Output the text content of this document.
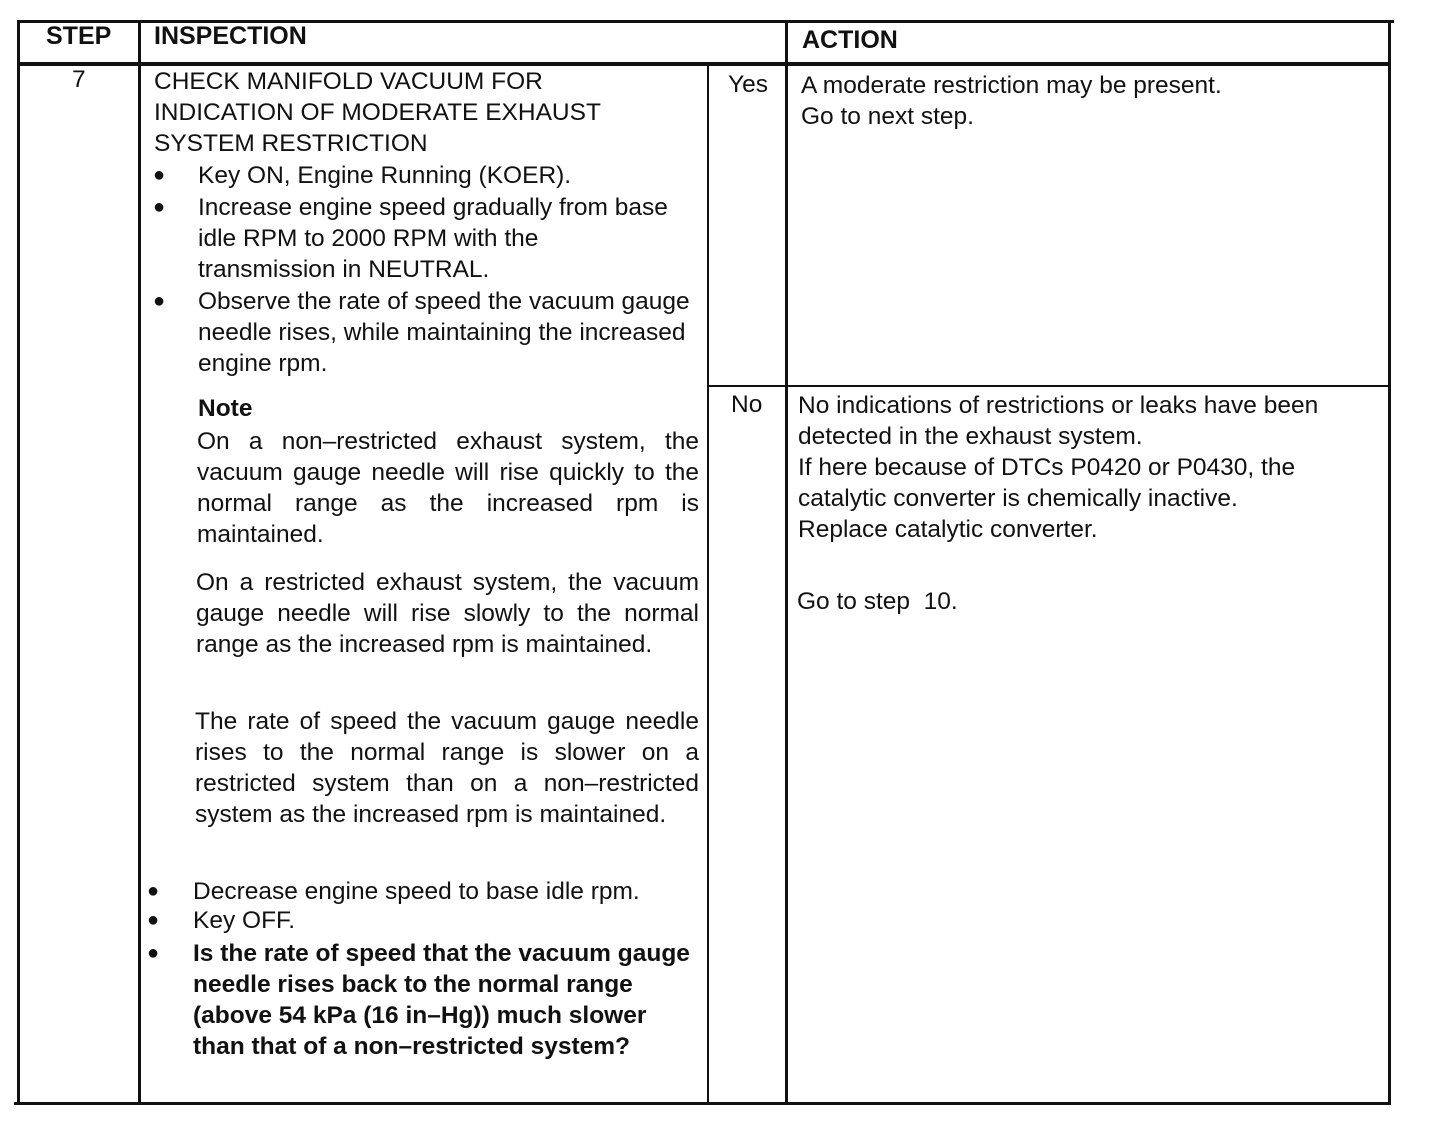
STEP INSPECTION	ACTION
7	CHECK MANIFOLD VACUUM FOR

INDICATION OF MODERATE EXHAUST

SYSTEM RESTRICTION

● Key ON, Engine Running (KOER).
● Increase engine speed gradually from base idle RPM to 2000 RPM with the transmission in NEUTRAL.
● Observe the rate of speed the vacuum gauge needle rises, while maintaining the increased engine rpm.
Note
On a non–restricted exhaust system, the vacuum gauge needle will rise quickly to the normal range as the increased rpm is maintained.
On a restricted exhaust system, the vacuum gauge needle will rise slowly to the normal range as the increased rpm is maintained.
The rate of speed the vacuum gauge needle rises to the normal range is slower on a restricted system than on a non–restricted system as the increased rpm is maintained.
● Decrease engine speed to base idle rpm.
● Key OFF.
● Is the rate of speed that the vacuum gauge needle rises back to the normal range (above 54 kPa (16 in–Hg)) much slower than that of a non–restricted system?
Yes
No

A moderate restriction may be present.

Go to next step.

No indications of restrictions or leaks have been detected in the exhaust system.

If here because of DTCs P0420 or P0430, the catalytic converter is chemically inactive.

Replace catalytic converter.

Go to step  10.
